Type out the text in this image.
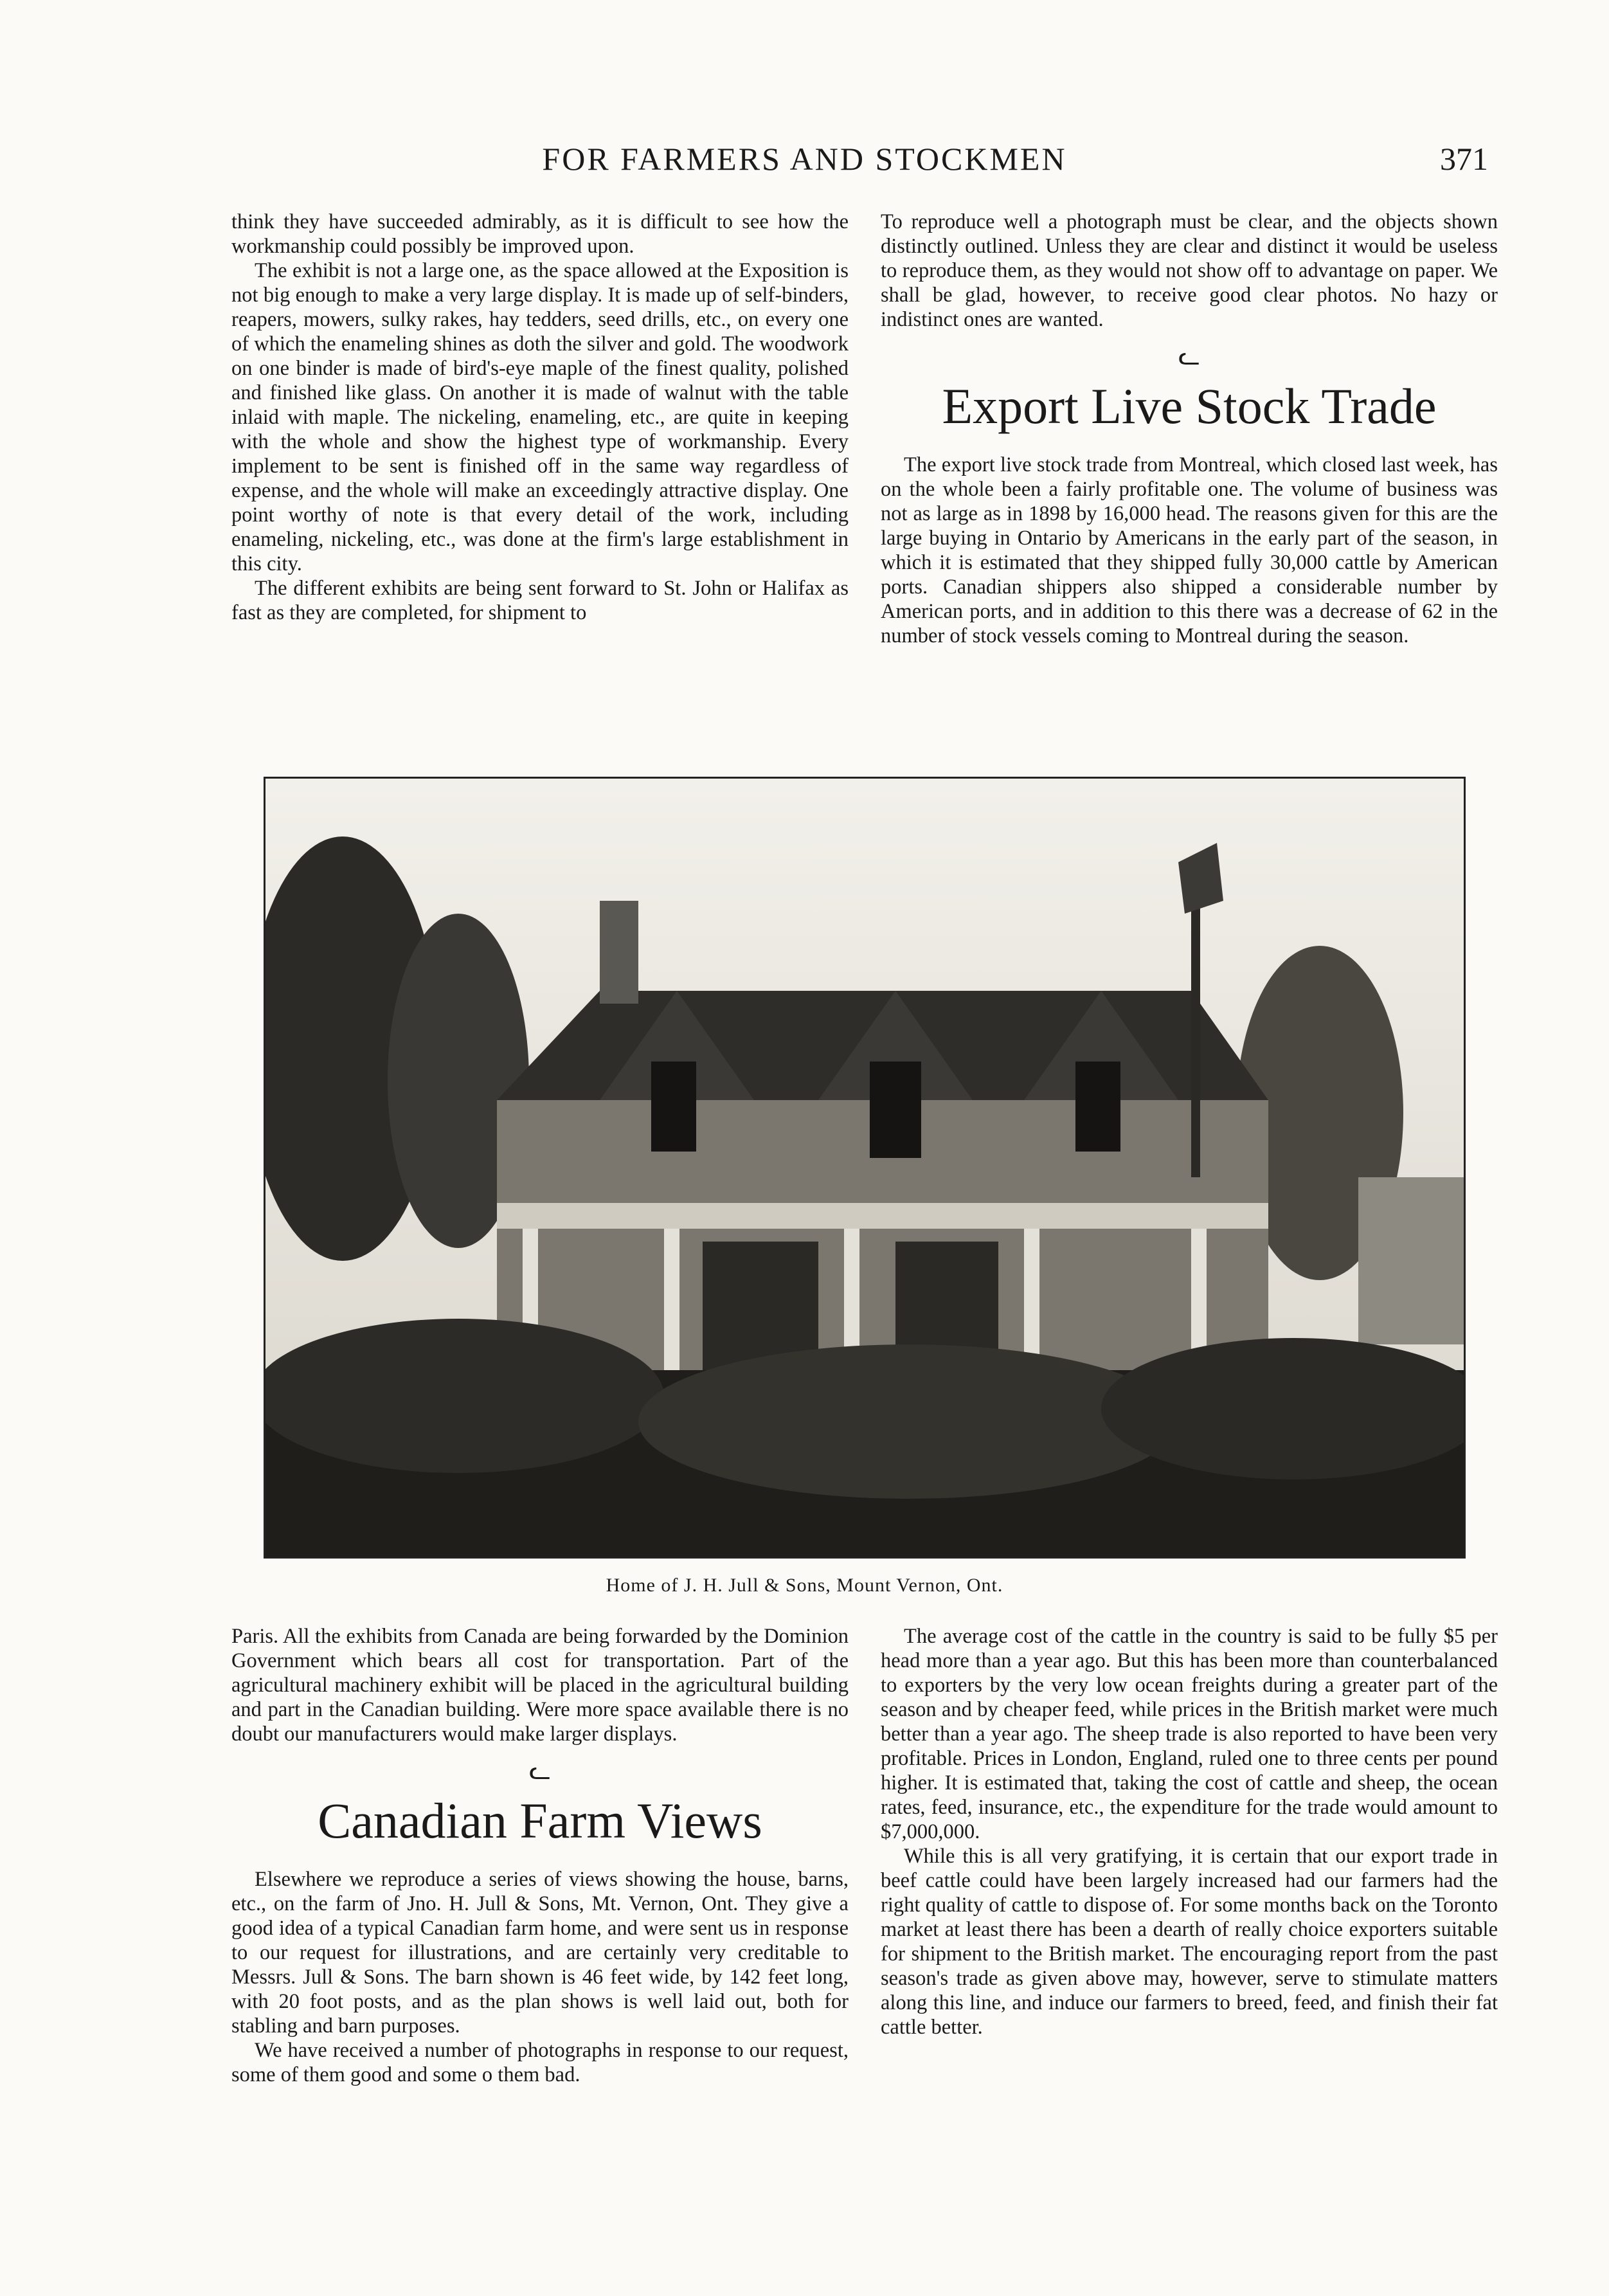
FOR FARMERS AND STOCKMEN	371

think they have succeeded admirably, as it is difficult to see how the workmanship could possibly be improved upon.

The exhibit is not a large one, as the space allowed at the Exposition is not big enough to make a very large display. It is made up of self-binders, reapers, mowers, sulky rakes, hay tedders, seed drills, etc., on every one of which the enameling shines as doth the silver and gold. The woodwork on one binder is made of bird's-eye maple of the finest quality, polished and finished like glass. On another it is made of walnut with the table inlaid with maple. The nickeling, enameling, etc., are quite in keeping with the whole and show the highest type of workmanship. Every implement to be sent is finished off in the same way regardless of expense, and the whole will make an exceedingly attractive display. One point worthy of note is that every detail of the work, including enameling, nickeling, etc., was done at the firm's large establishment in this city.

The different exhibits are being sent forward to St. John or Halifax as fast as they are completed, for shipment to

To reproduce well a photograph must be clear, and the objects shown distinctly outlined. Unless they are clear and distinct it would be useless to reproduce them, as they would not show off to advantage on paper. We shall be glad, however, to receive good clear photos. No hazy or indistinct ones are wanted.

ᓚ
Export Live Stock Trade

The export live stock trade from Montreal, which closed last week, has on the whole been a fairly profitable one. The volume of business was not as large as in 1898 by 16,000 head. The reasons given for this are the large buying in Ontario by Americans in the early part of the season, in which it is estimated that they shipped fully 30,000 cattle by American ports. Canadian shippers also shipped a considerable number by American ports, and in addition to this there was a decrease of 62 in the number of stock vessels coming to Montreal during the season.

Home of J. H. Jull & Sons, Mount Vernon, Ont.

Paris. All the exhibits from Canada are being forwarded by the Dominion Government which bears all cost for transportation. Part of the agricultural machinery exhibit will be placed in the agricultural building and part in the Canadian building. Were more space available there is no doubt our manufacturers would make larger displays.

ᓚ
Canadian Farm Views

Elsewhere we reproduce a series of views showing the house, barns, etc., on the farm of Jno. H. Jull & Sons, Mt. Vernon, Ont. They give a good idea of a typical Canadian farm home, and were sent us in response to our request for illustrations, and are certainly very creditable to Messrs. Jull & Sons. The barn shown is 46 feet wide, by 142 feet long, with 20 foot posts, and as the plan shows is well laid out, both for stabling and barn purposes.

We have received a number of photographs in response to our request, some of them good and some o them bad.

The average cost of the cattle in the country is said to be fully $5 per head more than a year ago. But this has been more than counterbalanced to exporters by the very low ocean freights during a greater part of the season and by cheaper feed, while prices in the British market were much better than a year ago. The sheep trade is also reported to have been very profitable. Prices in London, England, ruled one to three cents per pound higher. It is estimated that, taking the cost of cattle and sheep, the ocean rates, feed, insurance, etc., the expenditure for the trade would amount to $7,000,000.

While this is all very gratifying, it is certain that our export trade in beef cattle could have been largely increased had our farmers had the right quality of cattle to dispose of. For some months back on the Toronto market at least there has been a dearth of really choice exporters suitable for shipment to the British market. The encouraging report from the past season's trade as given above may, however, serve to stimulate matters along this line, and induce our farmers to breed, feed, and finish their fat cattle better.
